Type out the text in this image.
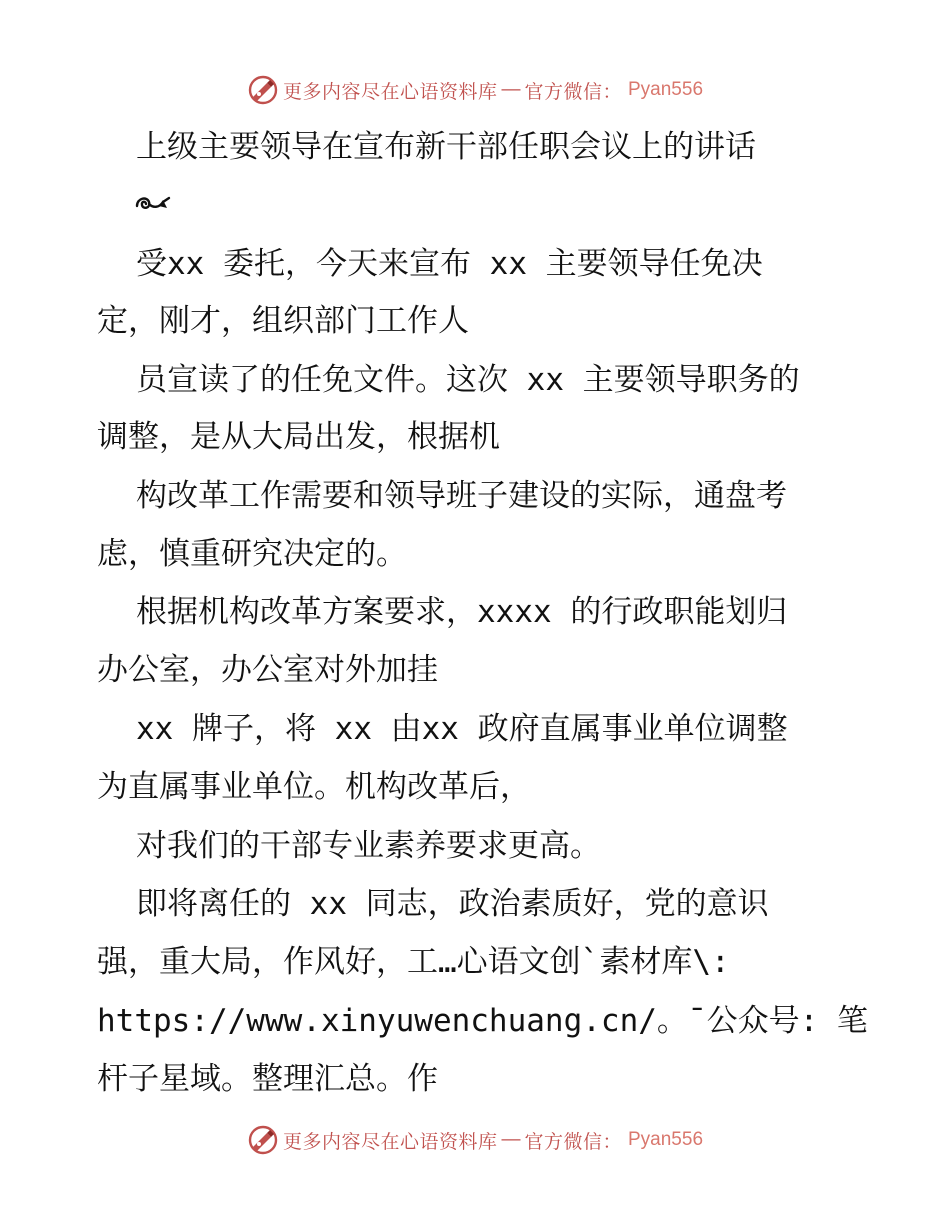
更多内容尽在心语资料库 — 官方微信： Pyan556
上级主要领导在宣布新干部任职会议上的讲话
受xx 委托，今天来宣布 xx 主要领导任免决
定，刚才，组织部门工作人
员宣读了的任免文件。这次 xx 主要领导职务的
调整，是从大局出发，根据机
构改革工作需要和领导班子建设的实际，通盘考
虑，慎重研究决定的。
根据机构改革方案要求，xxxx 的行政职能划归
办公室，办公室对外加挂
xx 牌子，将 xx 由xx 政府直属事业单位调整
为直属事业单位。机构改革后，
对我们的干部专业素养要求更高。
即将离任的 xx 同志，政治素质好，党的意识
强，重大局，作风好，工…心语文创`素材库\:
https://www.xinyuwenchuang.cn/。¯公众号: 笔
杆子星域。整理汇总。作
更多内容尽在心语资料库 — 官方微信： Pyan556
